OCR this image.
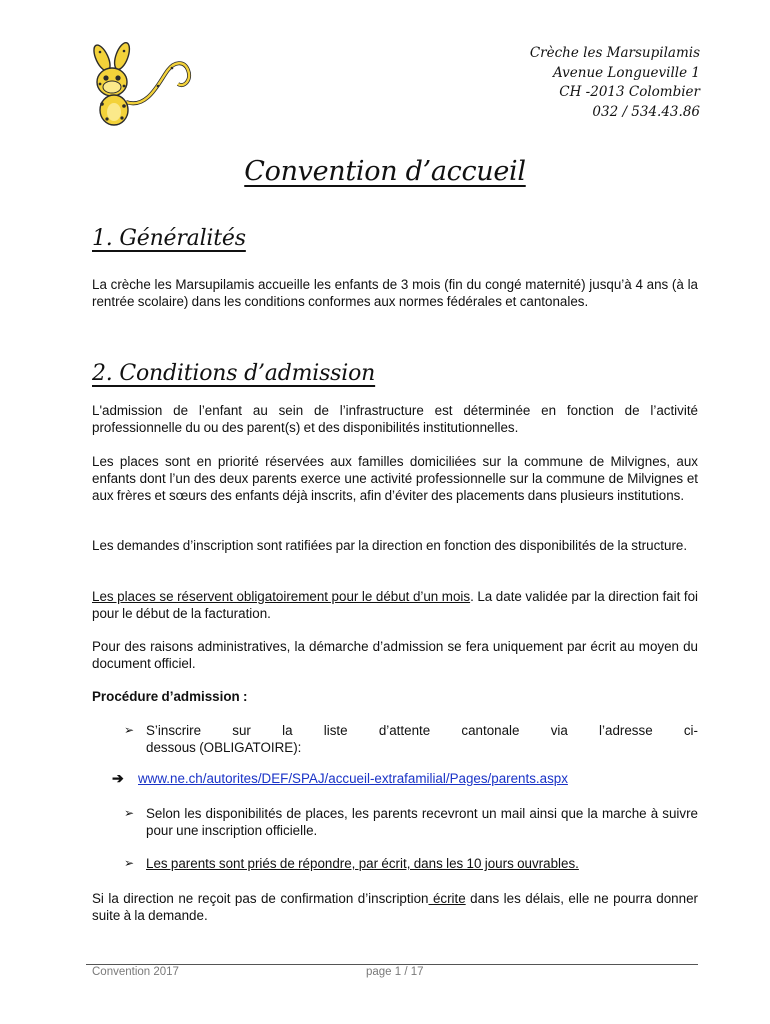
Crèche les Marsupilamis
Avenue Longueville 1
CH -2013 Colombier
032 / 534.43.86
Convention d’accueil
1. Généralités

La crèche les Marsupilamis accueille les enfants de 3 mois (fin du congé maternité) jusqu’à 4 ans (à la rentrée scolaire) dans les conditions conformes aux normes fédérales et cantonales.

2. Conditions d’admission

L'admission de l’enfant au sein de l’infrastructure est déterminée en fonction de l’activité professionnelle du ou des parent(s) et des disponibilités institutionnelles.

Les places sont en priorité réservées aux familles domiciliées sur la commune de Milvignes, aux enfants dont l’un des deux parents exerce une activité professionnelle sur la commune de Milvignes et aux frères et sœurs des enfants déjà inscrits, afin d’éviter des placements dans plusieurs institutions.

Les demandes d’inscription sont ratifiées par la direction en fonction des disponibilités de la structure.

Les places se réservent obligatoirement pour le début d’un mois. La date validée par la direction fait foi pour le début de la facturation.

Pour des raisons administratives, la démarche d’admission se fera uniquement par écrit au moyen du document officiel.

Procédure d’admission :
➢ S’inscrire sur la liste d’attente cantonale via l’adresse ci-
dessous (OBLIGATOIRE):
➔ www.ne.ch/autorites/DEF/SPAJ/accueil-extrafamilial/Pages/parents.aspx
➢ Selon les disponibilités de places, les parents recevront un mail ainsi que la marche à suivre pour une inscription officielle.
➢ Les parents sont priés de répondre, par écrit, dans les 10 jours ouvrables.

Si la direction ne reçoit pas de confirmation d’inscription écrite dans les délais, elle ne pourra donner suite à la demande.

Convention 2017	page 1 / 17
